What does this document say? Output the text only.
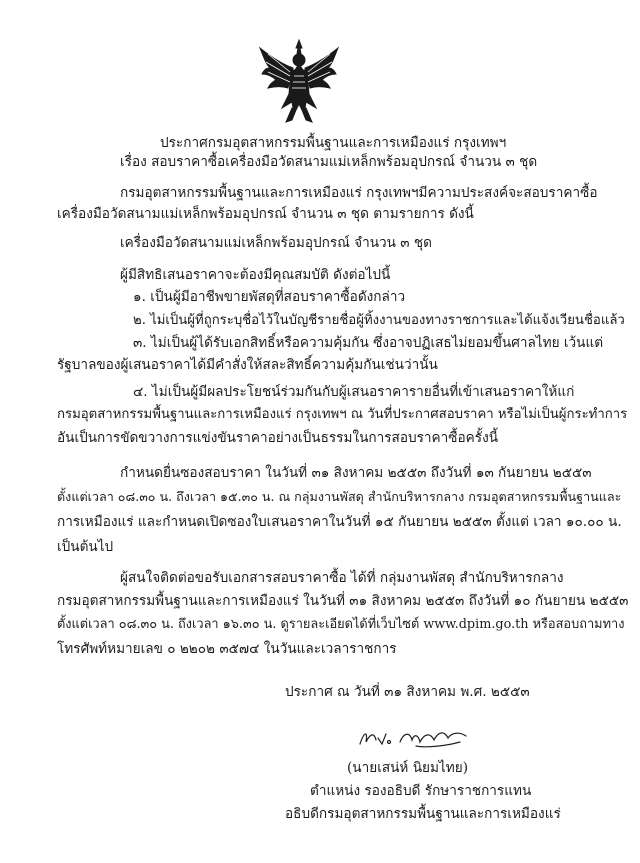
ประกาศกรมอุตสาหกรรมพื้นฐานและการเหมืองแร่ กรุงเทพฯ
เรื่อง สอบราคาซื้อเครื่องมือวัดสนามแม่เหล็กพร้อมอุปกรณ์ จำนวน ๓ ชุด
กรมอุตสาหกรรมพื้นฐานและการเหมืองแร่ กรุงเทพฯมีความประสงค์จะสอบราคาซื้อ
เครื่องมือวัดสนามแม่เหล็กพร้อมอุปกรณ์ จำนวน ๓ ชุด ตามรายการ ดังนี้
เครื่องมือวัดสนามแม่เหล็กพร้อมอุปกรณ์ จำนวน ๓ ชุด
ผู้มีสิทธิเสนอราคาจะต้องมีคุณสมบัติ ดังต่อไปนี้
๑. เป็นผู้มีอาชีพขายพัสดุที่สอบราคาซื้อดังกล่าว
๒. ไม่เป็นผู้ที่ถูกระบุชื่อไว้ในบัญชีรายชื่อผู้ทิ้งงานของทางราชการและได้แจ้งเวียนชื่อแล้ว
๓. ไม่เป็นผู้ได้รับเอกสิทธิ์หรือความคุ้มกัน ซึ่งอาจปฏิเสธไม่ยอมขึ้นศาลไทย เว้นแต่
รัฐบาลของผู้เสนอราคาได้มีคำสั่งให้สละสิทธิ์ความคุ้มกันเช่นว่านั้น
๔. ไม่เป็นผู้มีผลประโยชน์ร่วมกันกับผู้เสนอราคารายอื่นที่เข้าเสนอราคาให้แก่
กรมอุตสาหกรรมพื้นฐานและการเหมืองแร่ กรุงเทพฯ ณ วันที่ประกาศสอบราคา หรือไม่เป็นผู้กระทำการ
อันเป็นการขัดขวางการแข่งขันราคาอย่างเป็นธรรมในการสอบราคาซื้อครั้งนี้
กำหนดยื่นซองสอบราคา ในวันที่ ๓๑ สิงหาคม ๒๕๕๓ ถึงวันที่ ๑๓ กันยายน ๒๕๕๓
ตั้งแต่เวลา ๐๘.๓๐ น. ถึงเวลา ๑๕.๓๐ น. ณ กลุ่มงานพัสดุ สำนักบริหารกลาง กรมอุตสาหกรรมพื้นฐานและ
การเหมืองแร่ และกำหนดเปิดซองใบเสนอราคาในวันที่ ๑๕ กันยายน ๒๕๕๓ ตั้งแต่ เวลา ๑๐.๐๐ น.
เป็นต้นไป
ผู้สนใจติดต่อขอรับเอกสารสอบราคาซื้อ ได้ที่ กลุ่มงานพัสดุ สำนักบริหารกลาง
กรมอุตสาหกรรมพื้นฐานและการเหมืองแร่ ในวันที่ ๓๑ สิงหาคม ๒๕๕๓ ถึงวันที่ ๑๐ กันยายน ๒๕๕๓
ตั้งแต่เวลา ๐๘.๓๐ น. ถึงเวลา ๑๖.๓๐ น. ดูรายละเอียดได้ที่เว็บไซต์ www.dpim.go.th หรือสอบถามทาง
โทรศัพท์หมายเลข ๐ ๒๒๐๒ ๓๕๗๔ ในวันและเวลาราชการ
ประกาศ ณ วันที่ ๓๑ สิงหาคม พ.ศ. ๒๕๕๓
(นายเสน่ห์ นิยมไทย)
ตำแหน่ง รองอธิบดี รักษาราชการแทน
อธิบดีกรมอุตสาหกรรมพื้นฐานและการเหมืองแร่
